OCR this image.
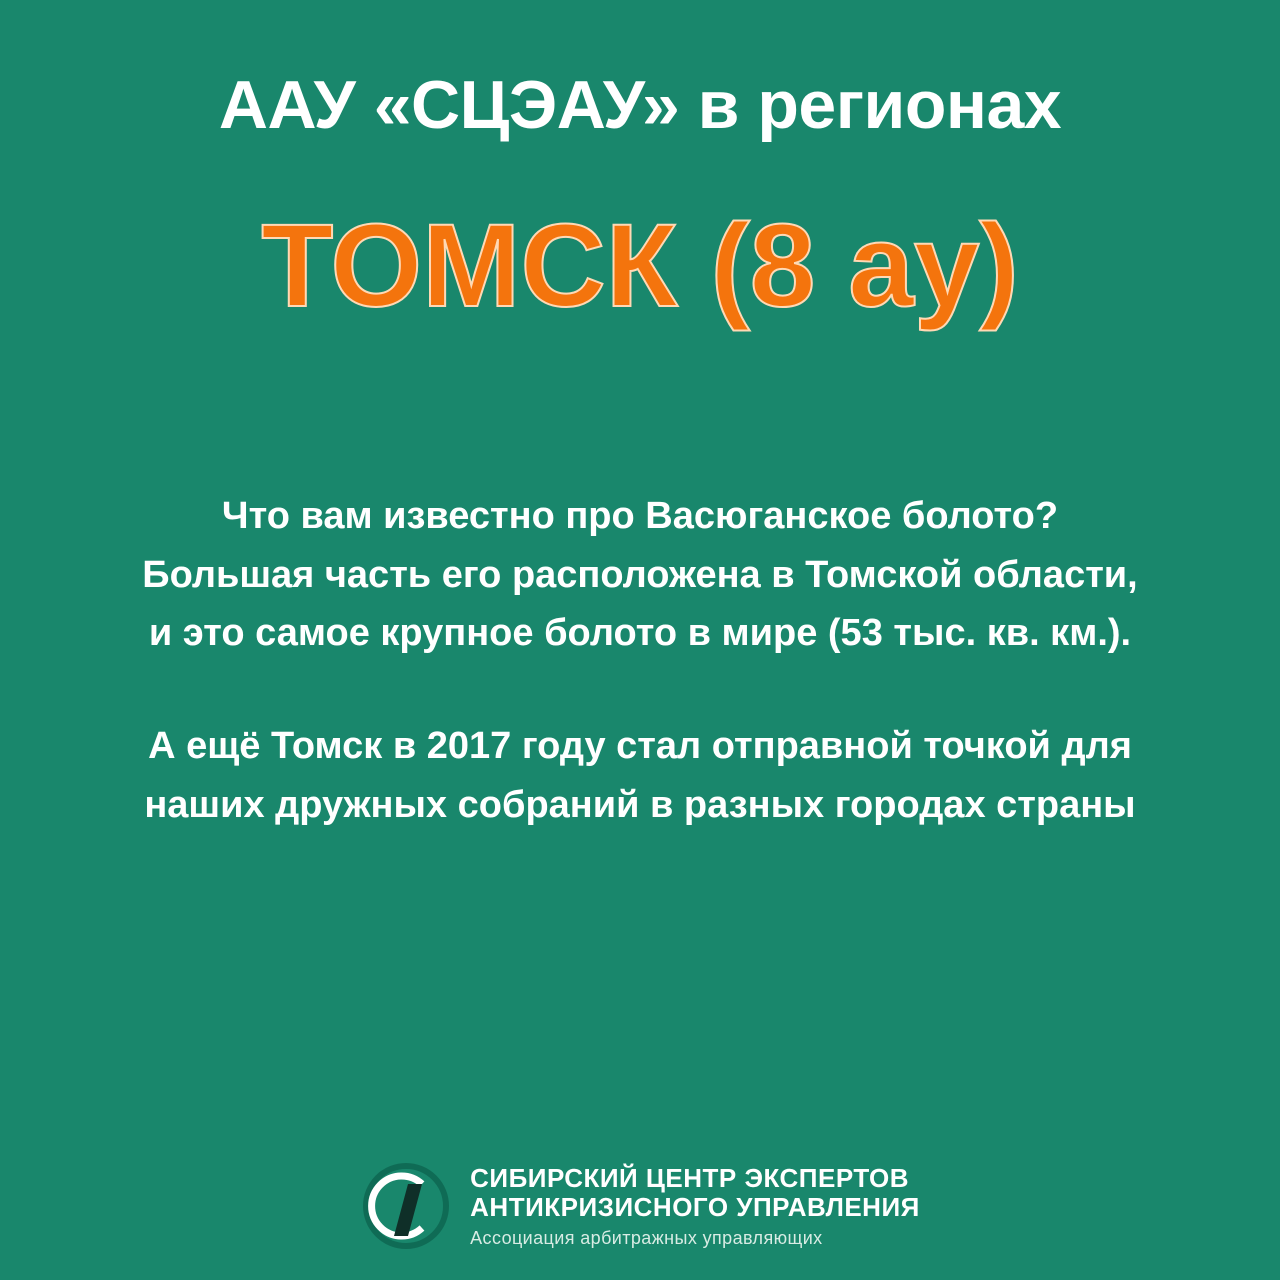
ААУ «СЦЭАУ» в регионах
ТОМСК (8 ау)

Что вам известно про Васюганское болото?

Большая часть его расположена в Томской области,

и это самое крупное болото в мире (53 тыс. кв. км.).

А ещё Томск в 2017 году стал отправной точкой для

наших дружных собраний в разных городах страны

СИБИРСКИЙ ЦЕНТР ЭКСПЕРТОВ
АНТИКРИЗИСНОГО УПРАВЛЕНИЯ
Ассоциация арбитражных управляющих
